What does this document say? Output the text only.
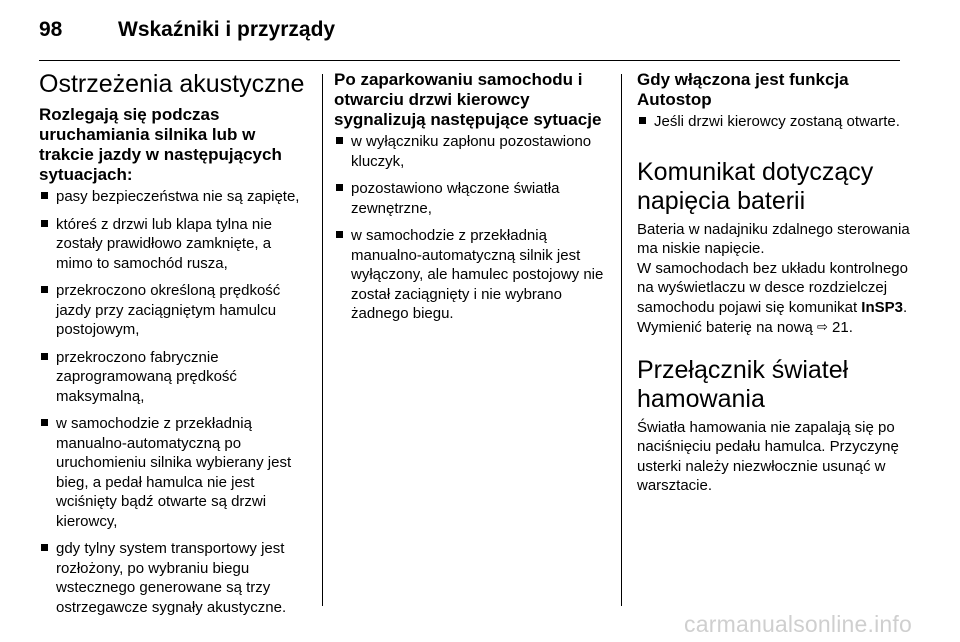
98	Wskaźniki i przyrządy
Ostrzeżenia akustyczne
Rozlegają się podczas uruchamiania silnika lub w trakcie jazdy w następujących sytuacjach:
pasy bezpieczeństwa nie są zapięte,
któreś z drzwi lub klapa tylna nie zostały prawidłowo zamknięte, a mimo to samochód rusza,
przekroczono określoną prędkość jazdy przy zaciągniętym hamulcu postojowym,
przekroczono fabrycznie zaprogramowaną prędkość maksymalną,
w samochodzie z przekładnią manualno-automatyczną po uruchomieniu silnika wybierany jest bieg, a pedał hamulca nie jest wciśnięty bądź otwarte są drzwi kierowcy,
gdy tylny system transportowy jest rozłożony, po wybraniu biegu wstecznego generowane są trzy ostrzegawcze sygnały akustyczne.
Po zaparkowaniu samochodu i otwarciu drzwi kierowcy sygnalizują następujące sytuacje
w wyłączniku zapłonu pozostawiono kluczyk,
pozostawiono włączone światła zewnętrzne,
w samochodzie z przekładnią manualno-automatyczną silnik jest wyłączony, ale hamulec postojowy nie został zaciągnięty i nie wybrano żadnego biegu.
Gdy włączona jest funkcja Autostop
Jeśli drzwi kierowcy zostaną otwarte.
Komunikat dotyczący napięcia baterii

Bateria w nadajniku zdalnego sterowania ma niskie napięcie.

W samochodach bez układu kontrolnego na wyświetlaczu w desce rozdzielczej samochodu pojawi się komunikat InSP3. Wymienić baterię na nową ⇨ 21.

Przełącznik świateł hamowania

Światła hamowania nie zapalają się po naciśnięciu pedału hamulca. Przyczynę usterki należy niezwłocznie usunąć w warsztacie.

carmanualsonline.info
